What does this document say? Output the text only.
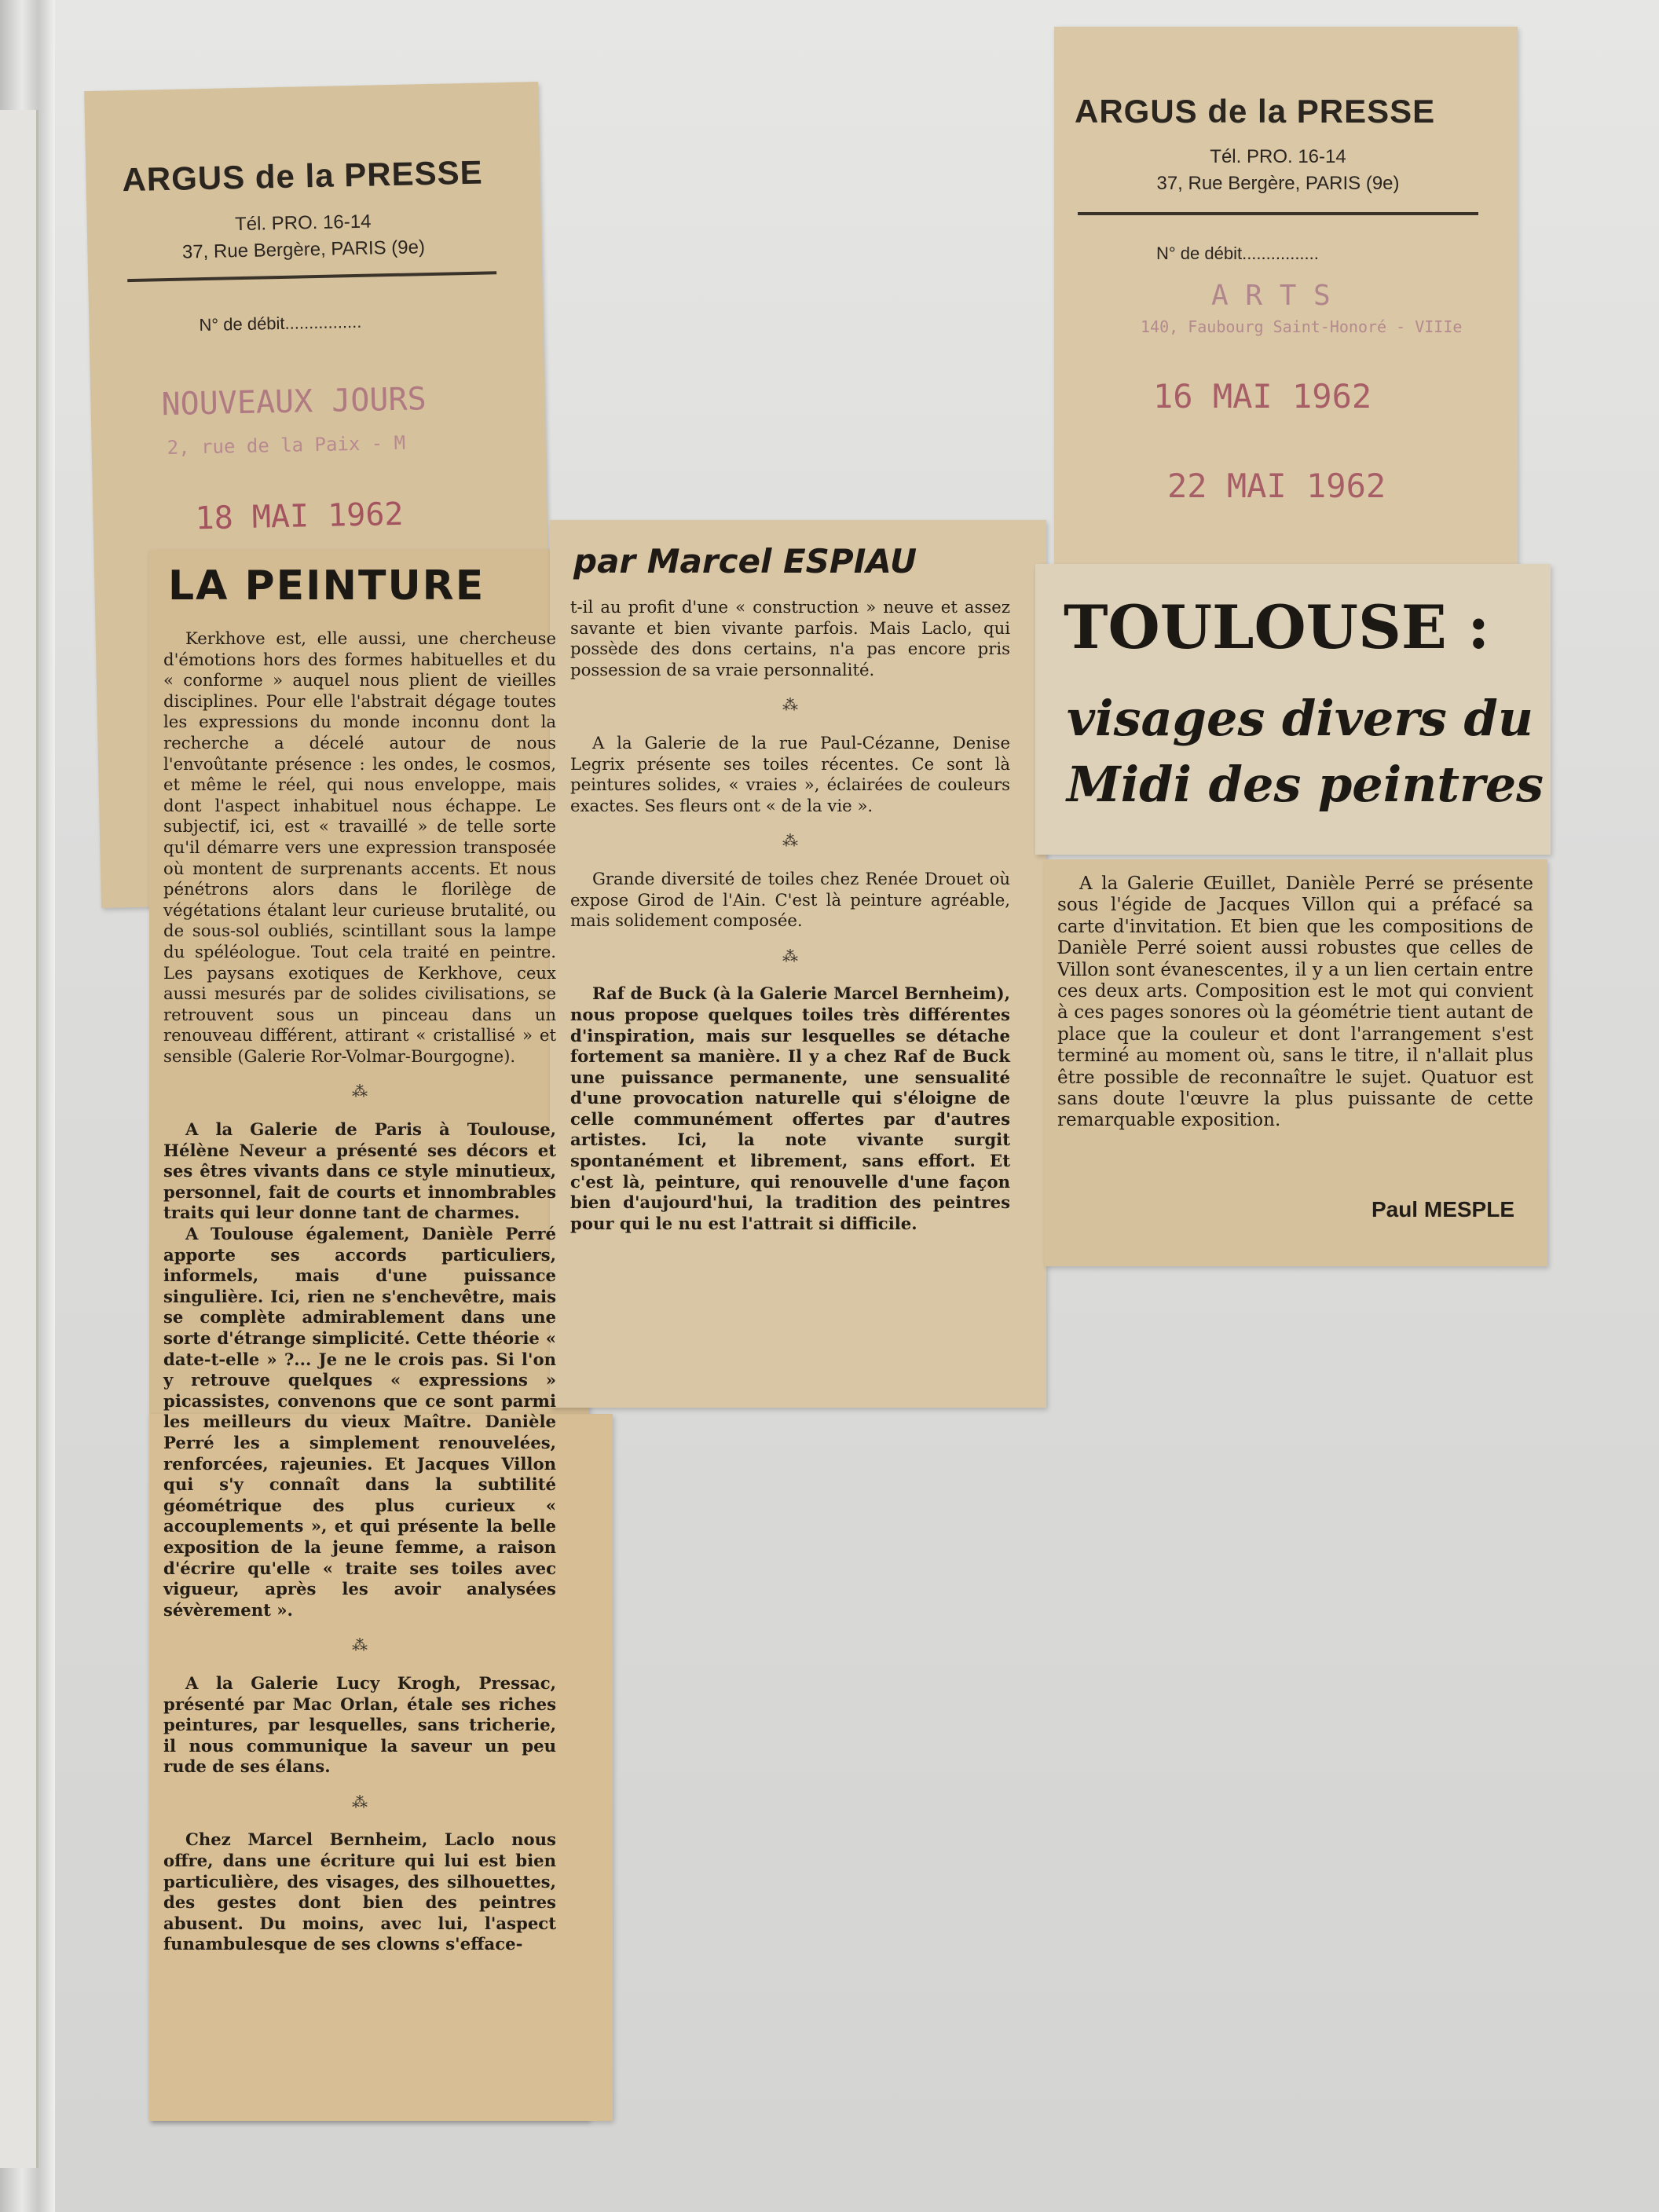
ARGUS de la PRESSE
Tél. PRO. 16-14
37, Rue Bergère, PARIS (9e)
N° de débit................
NOUVEAUX JOURS
2, rue de la Paix - M
18 MAI 1962
LA PEINTURE
par Marcel ESPIAU

Kerkhove est, elle aussi, une chercheuse d'émotions hors des formes habituelles et du « conforme » auquel nous plient de vieilles disciplines. Pour elle l'abstrait dégage toutes les expressions du monde inconnu dont la recherche a décelé autour de nous l'envoûtante présence : les ondes, le cosmos, et même le réel, qui nous enveloppe, mais dont l'aspect inhabituel nous échappe. Le subjectif, ici, est « travaillé » de telle sorte qu'il démarre vers une expression transposée où montent de surprenants accents. Et nous pénétrons alors dans le florilège de végétations étalant leur curieuse brutalité, ou de sous-sol oubliés, scintillant sous la lampe du spéléologue. Tout cela traité en peintre. Les paysans exotiques de Kerkhove, ceux aussi mesurés par de solides civilisations, se retrouvent sous un pinceau dans un renouveau différent, attirant « cristallisé » et sensible (Galerie Ror-Volmar-Bourgogne).

⁂

A la Galerie de Paris à Toulouse, Hélène Neveur a présenté ses décors et ses êtres vivants dans ce style minutieux, personnel, fait de courts et innombrables traits qui leur donne tant de charmes.

A Toulouse également, Danièle Perré apporte ses accords particuliers, informels, mais d'une puissance singulière. Ici, rien ne s'enchevêtre, mais se complète admirablement dans une sorte d'étrange simplicité. Cette théorie « date-t-elle » ?... Je ne le crois pas. Si l'on y retrouve quelques « expressions » picassistes, convenons que ce sont parmi les meilleurs du vieux Maître. Danièle Perré les a simplement renouvelées, renforcées, rajeunies. Et Jacques Villon qui s'y connaît dans la subtilité géométrique des plus curieux « accouplements », et qui présente la belle exposition de la jeune femme, a raison d'écrire qu'elle « traite ses toiles avec vigueur, après les avoir analysées sévèrement ».

⁂

A la Galerie Lucy Krogh, Pressac, présenté par Mac Orlan, étale ses riches peintures, par lesquelles, sans tricherie, il nous communique la saveur un peu rude de ses élans.

⁂

Chez Marcel Bernheim, Laclo nous offre, dans une écriture qui lui est bien particulière, des visages, des silhouettes, des gestes dont bien des peintres abusent. Du moins, avec lui, l'aspect funambulesque de ses clowns s'efface-

t-il au profit d'une « construction » neuve et assez savante et bien vivante parfois. Mais Laclo, qui possède des dons certains, n'a pas encore pris possession de sa vraie personnalité.

⁂

A la Galerie de la rue Paul-Cézanne, Denise Legrix présente ses toiles récentes. Ce sont là peintures solides, « vraies », éclairées de couleurs exactes. Ses fleurs ont « de la vie ».

⁂

Grande diversité de toiles chez Renée Drouet où expose Girod de l'Ain. C'est là peinture agréable, mais solidement composée.

⁂

Raf de Buck (à la Galerie Marcel Bernheim), nous propose quelques toiles très différentes d'inspiration, mais sur lesquelles se détache fortement sa manière. Il y a chez Raf de Buck une puissance permanente, une sensualité d'une provocation naturelle qui s'éloigne de celle communément offertes par d'autres artistes. Ici, la note vivante surgit spontanément et librement, sans effort. Et c'est là, peinture, qui renouvelle d'une façon bien d'aujourd'hui, la tradition des peintres pour qui le nu est l'attrait si difficile.

ARGUS de la PRESSE
Tél. PRO. 16-14
37, Rue Bergère, PARIS (9e)
N° de débit................
A R T S
140, Faubourg Saint-Honoré - VIIIe
16 MAI 1962
22 MAI 1962
TOULOUSE :
visages divers du
Midi des peintres

A la Galerie Œuillet, Danièle Perré se présente sous l'égide de Jacques Villon qui a préfacé sa carte d'invitation. Et bien que les compositions de Danièle Perré soient aussi robustes que celles de Villon sont évanescentes, il y a un lien certain entre ces deux arts. Composition est le mot qui convient à ces pages sonores où la géométrie tient autant de place que la couleur et dont l'arrangement s'est terminé au moment où, sans le titre, il n'allait plus être possible de reconnaître le sujet. Quatuor est sans doute l'œuvre la plus puissante de cette remarquable exposition.

Paul MESPLE
